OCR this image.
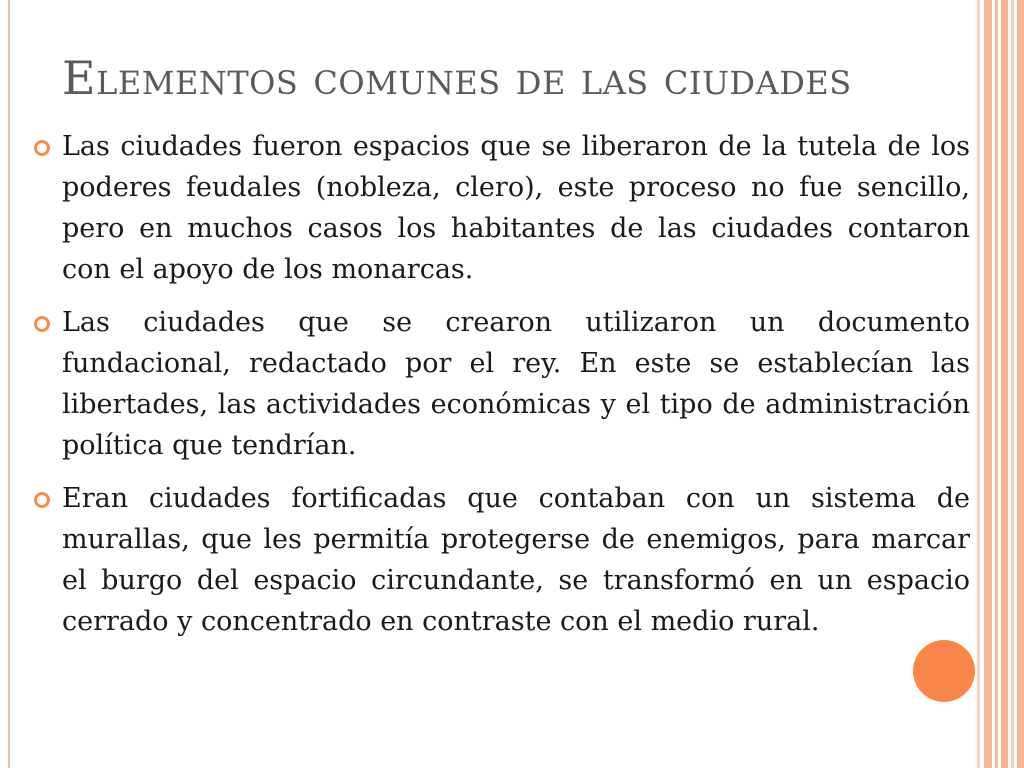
Elementos comunes de las ciudades
Las ciudades fueron espacios que se liberaron de la tutela de los poderes feudales (nobleza, clero), este proceso no fue sencillo, pero en muchos casos los habitantes de las ciudades contaron con el apoyo de los monarcas.
Las ciudades que se crearon utilizaron un documento fundacional, redactado por el rey. En este se establecían las libertades, las actividades económicas y el tipo de administración política que tendrían.
Eran ciudades fortificadas que contaban con un sistema de murallas, que les permitía protegerse de enemigos, para marcar el burgo del espacio circundante, se transformó en un espacio cerrado y concentrado en contraste con el medio rural.
